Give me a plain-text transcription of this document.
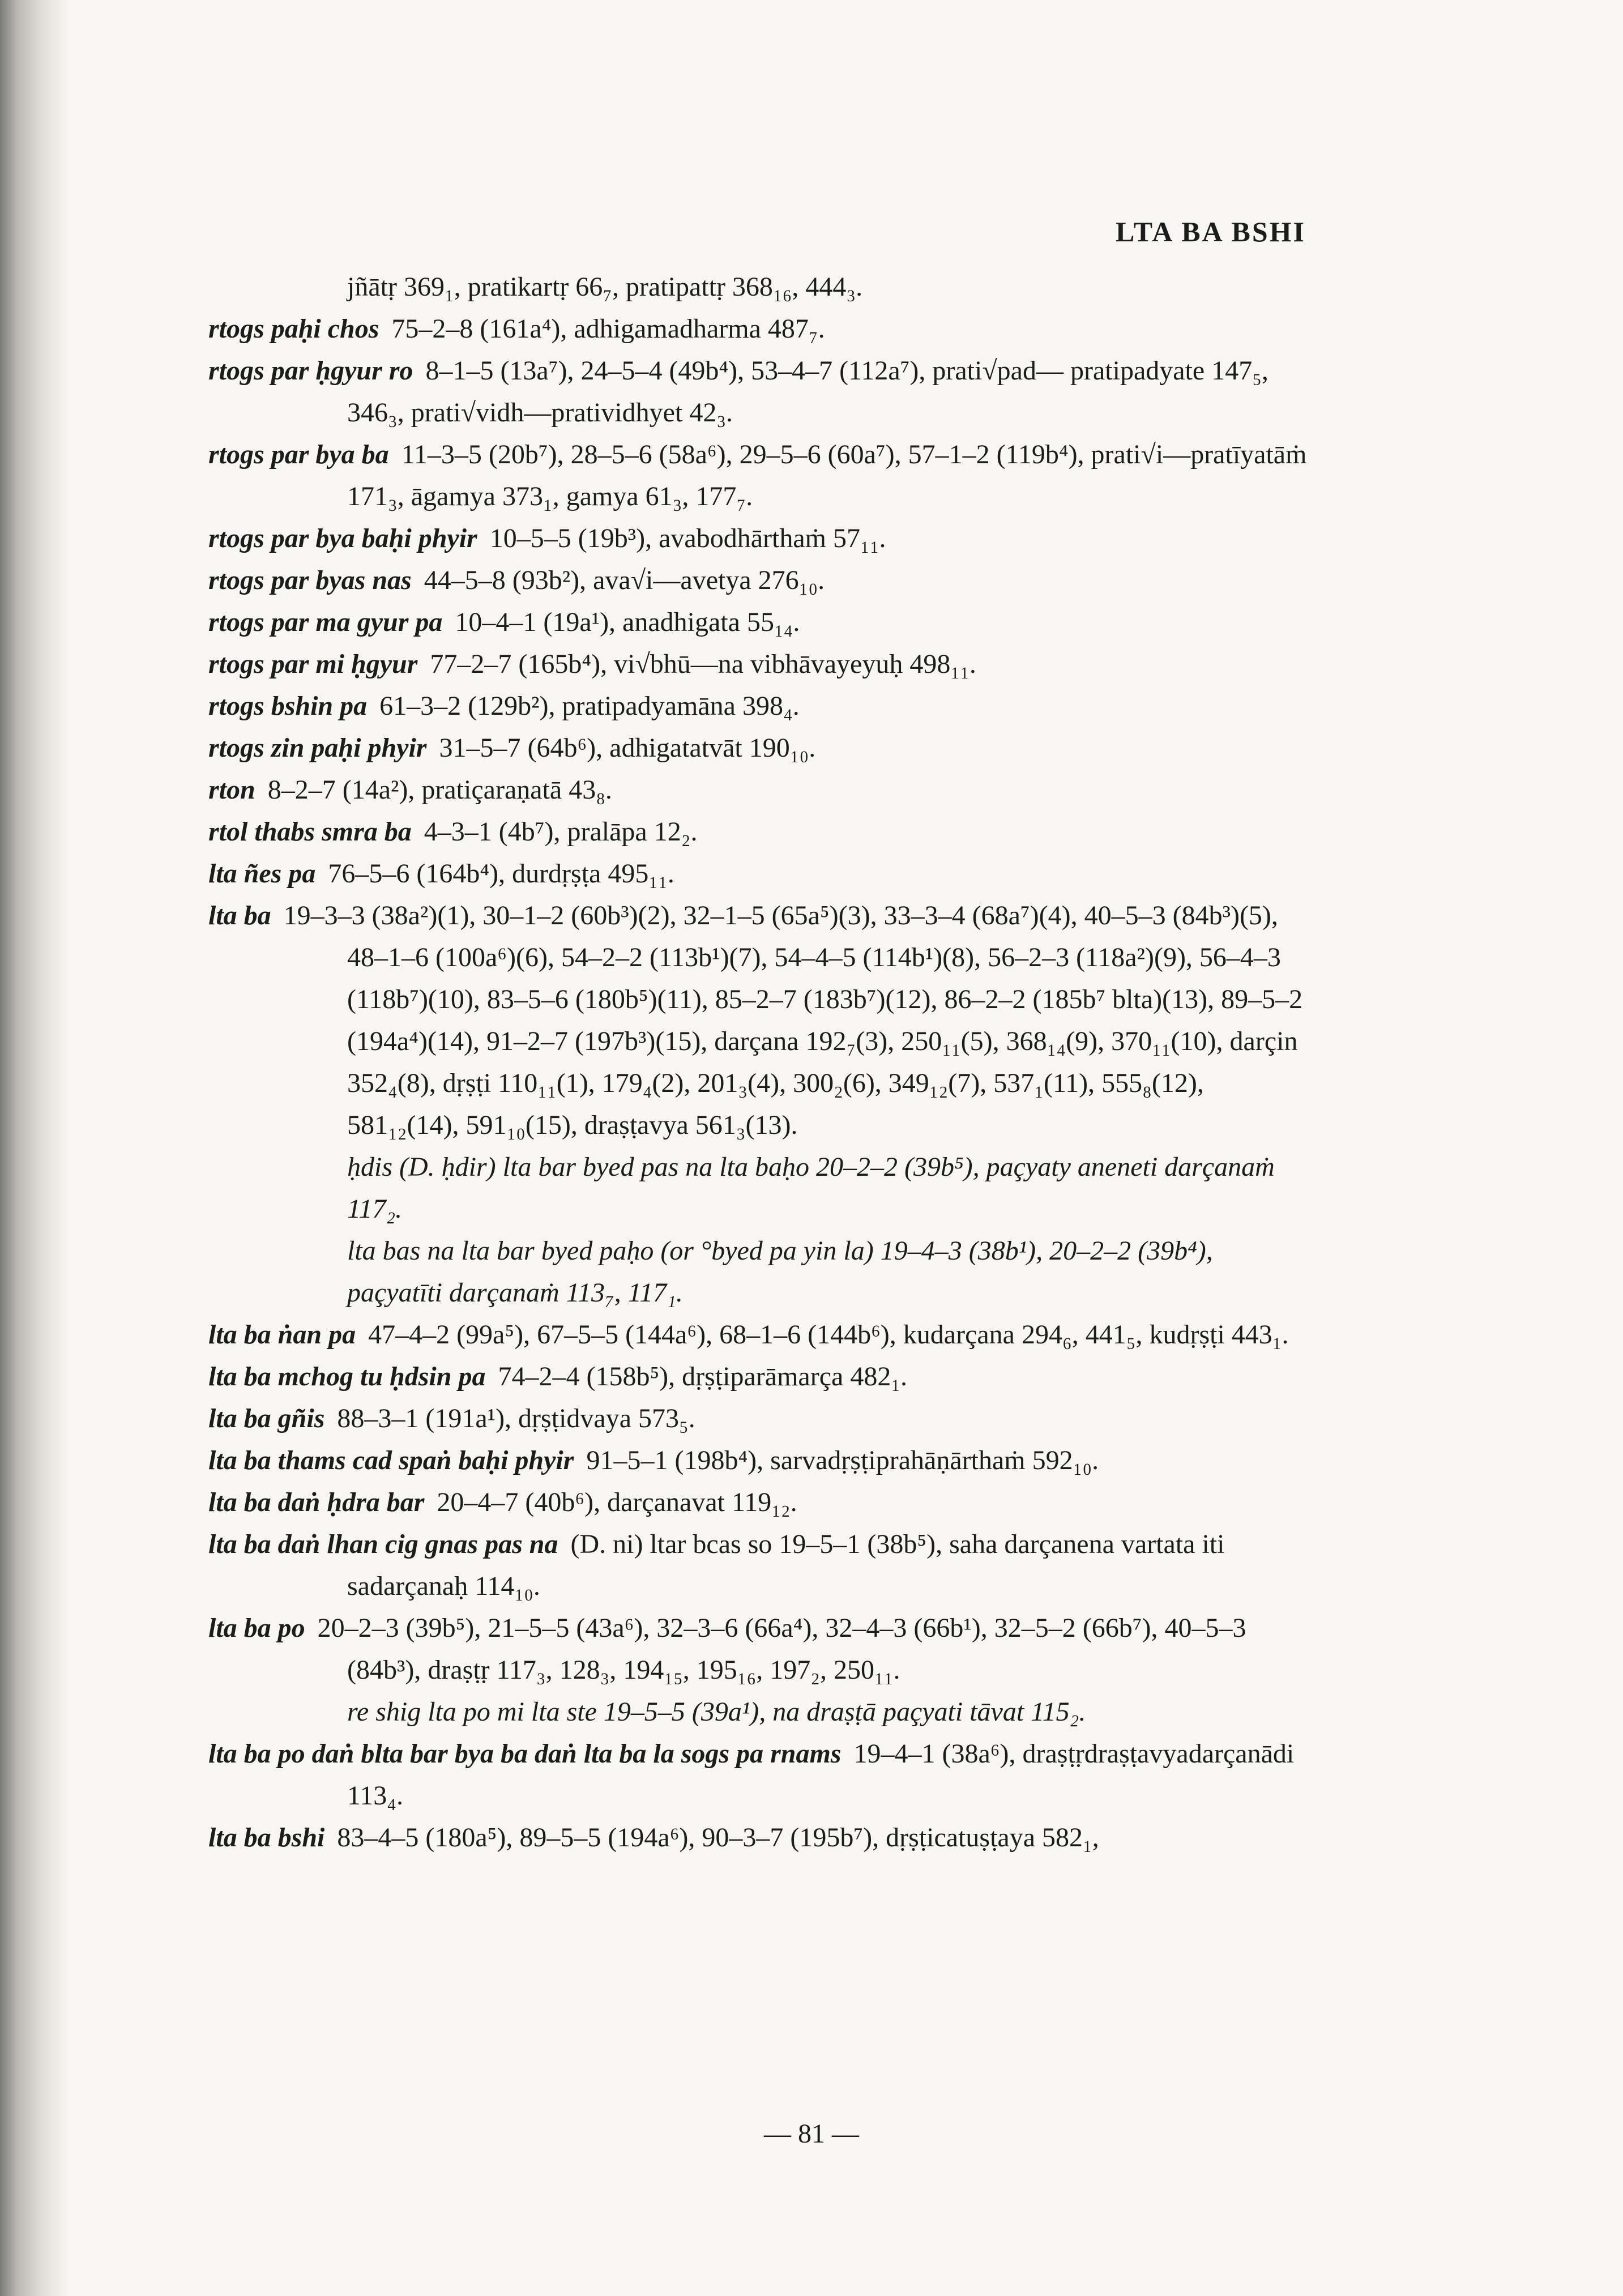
LTA BA BSHI

jñātṛ 369₁, pratikartṛ 66₇, pratipattṛ 368₁₆, 444₃.

rtogs paḥi chos 75–2–8 (161a⁴), adhigamadharma 487₇.

rtogs par ḥgyur ro 8–1–5 (13a⁷), 24–5–4 (49b⁴), 53–4–7 (112a⁷), prati√pad— pratipadyate 147₅, 346₃, prati√vidh—pratividhyet 42₃.

rtogs par bya ba 11–3–5 (20b⁷), 28–5–6 (58a⁶), 29–5–6 (60a⁷), 57–1–2 (119b⁴), prati√i—pratīyatāṁ 171₃, āgamya 373₁, gamya 61₃, 177₇.

rtogs par bya baḥi phyir 10–5–5 (19b³), avabodhārthaṁ 57₁₁.

rtogs par byas nas 44–5–8 (93b²), ava√i—avetya 276₁₀.

rtogs par ma gyur pa 10–4–1 (19a¹), anadhigata 55₁₄.

rtogs par mi ḥgyur 77–2–7 (165b⁴), vi√bhū—na vibhāvayeyuḥ 498₁₁.

rtogs bshin pa 61–3–2 (129b²), pratipadyamāna 398₄.

rtogs zin paḥi phyir 31–5–7 (64b⁶), adhigatatvāt 190₁₀.

rton 8–2–7 (14a²), pratiçaraṇatā 43₈.

rtol thabs smra ba 4–3–1 (4b⁷), pralāpa 12₂.

lta ñes pa 76–5–6 (164b⁴), durdṛṣṭa 495₁₁.

lta ba 19–3–3 (38a²)(1), 30–1–2 (60b³)(2), 32–1–5 (65a⁵)(3), 33–3–4 (68a⁷)(4), 40–5–3 (84b³)(5), 48–1–6 (100a⁶)(6), 54–2–2 (113b¹)(7), 54–4–5 (114b¹)(8), 56–2–3 (118a²)(9), 56–4–3 (118b⁷)(10), 83–5–6 (180b⁵)(11), 85–2–7 (183b⁷)(12), 86–2–2 (185b⁷ blta)(13), 89–5–2 (194a⁴)(14), 91–2–7 (197b³)(15), darçana 192₇(3), 250₁₁(5), 368₁₄(9), 370₁₁(10), darçin 352₄(8), dṛṣṭi 110₁₁(1), 179₄(2), 201₃(4), 300₂(6), 349₁₂(7), 537₁(11), 555₈(12), 581₁₂(14), 591₁₀(15), draṣṭavya 561₃(13).

ḥdis (D. ḥdir) lta bar byed pas na lta baḥo 20–2–2 (39b⁵), paçyaty aneneti darçanaṁ 117₂.

lta bas na lta bar byed paḥo (or °byed pa yin la) 19–4–3 (38b¹), 20–2–2 (39b⁴), paçyatīti darçanaṁ 113₇, 117₁.

lta ba ṅan pa 47–4–2 (99a⁵), 67–5–5 (144a⁶), 68–1–6 (144b⁶), kudarçana 294₆, 441₅, kudṛṣṭi 443₁.

lta ba mchog tu ḥdsin pa 74–2–4 (158b⁵), dṛṣṭiparāmarça 482₁.

lta ba gñis 88–3–1 (191a¹), dṛṣṭidvaya 573₅.

lta ba thams cad spaṅ baḥi phyir 91–5–1 (198b⁴), sarvadṛṣṭiprahāṇārthaṁ 592₁₀.

lta ba daṅ ḥdra bar 20–4–7 (40b⁶), darçanavat 119₁₂.

lta ba daṅ lhan cig gnas pas na (D. ni) ltar bcas so 19–5–1 (38b⁵), saha darçanena vartata iti sadarçanaḥ 114₁₀.

lta ba po 20–2–3 (39b⁵), 21–5–5 (43a⁶), 32–3–6 (66a⁴), 32–4–3 (66b¹), 32–5–2 (66b⁷), 40–5–3 (84b³), draṣṭṛ 117₃, 128₃, 194₁₅, 195₁₆, 197₂, 250₁₁.

re shig lta po mi lta ste 19–5–5 (39a¹), na draṣṭā paçyati tāvat 115₂.

lta ba po daṅ blta bar bya ba daṅ lta ba la sogs pa rnams 19–4–1 (38a⁶), draṣṭṛdraṣṭavyadarçanādi 113₄.

lta ba bshi 83–4–5 (180a⁵), 89–5–5 (194a⁶), 90–3–7 (195b⁷), dṛṣṭicatuṣṭaya 582₁,

— 81 —
